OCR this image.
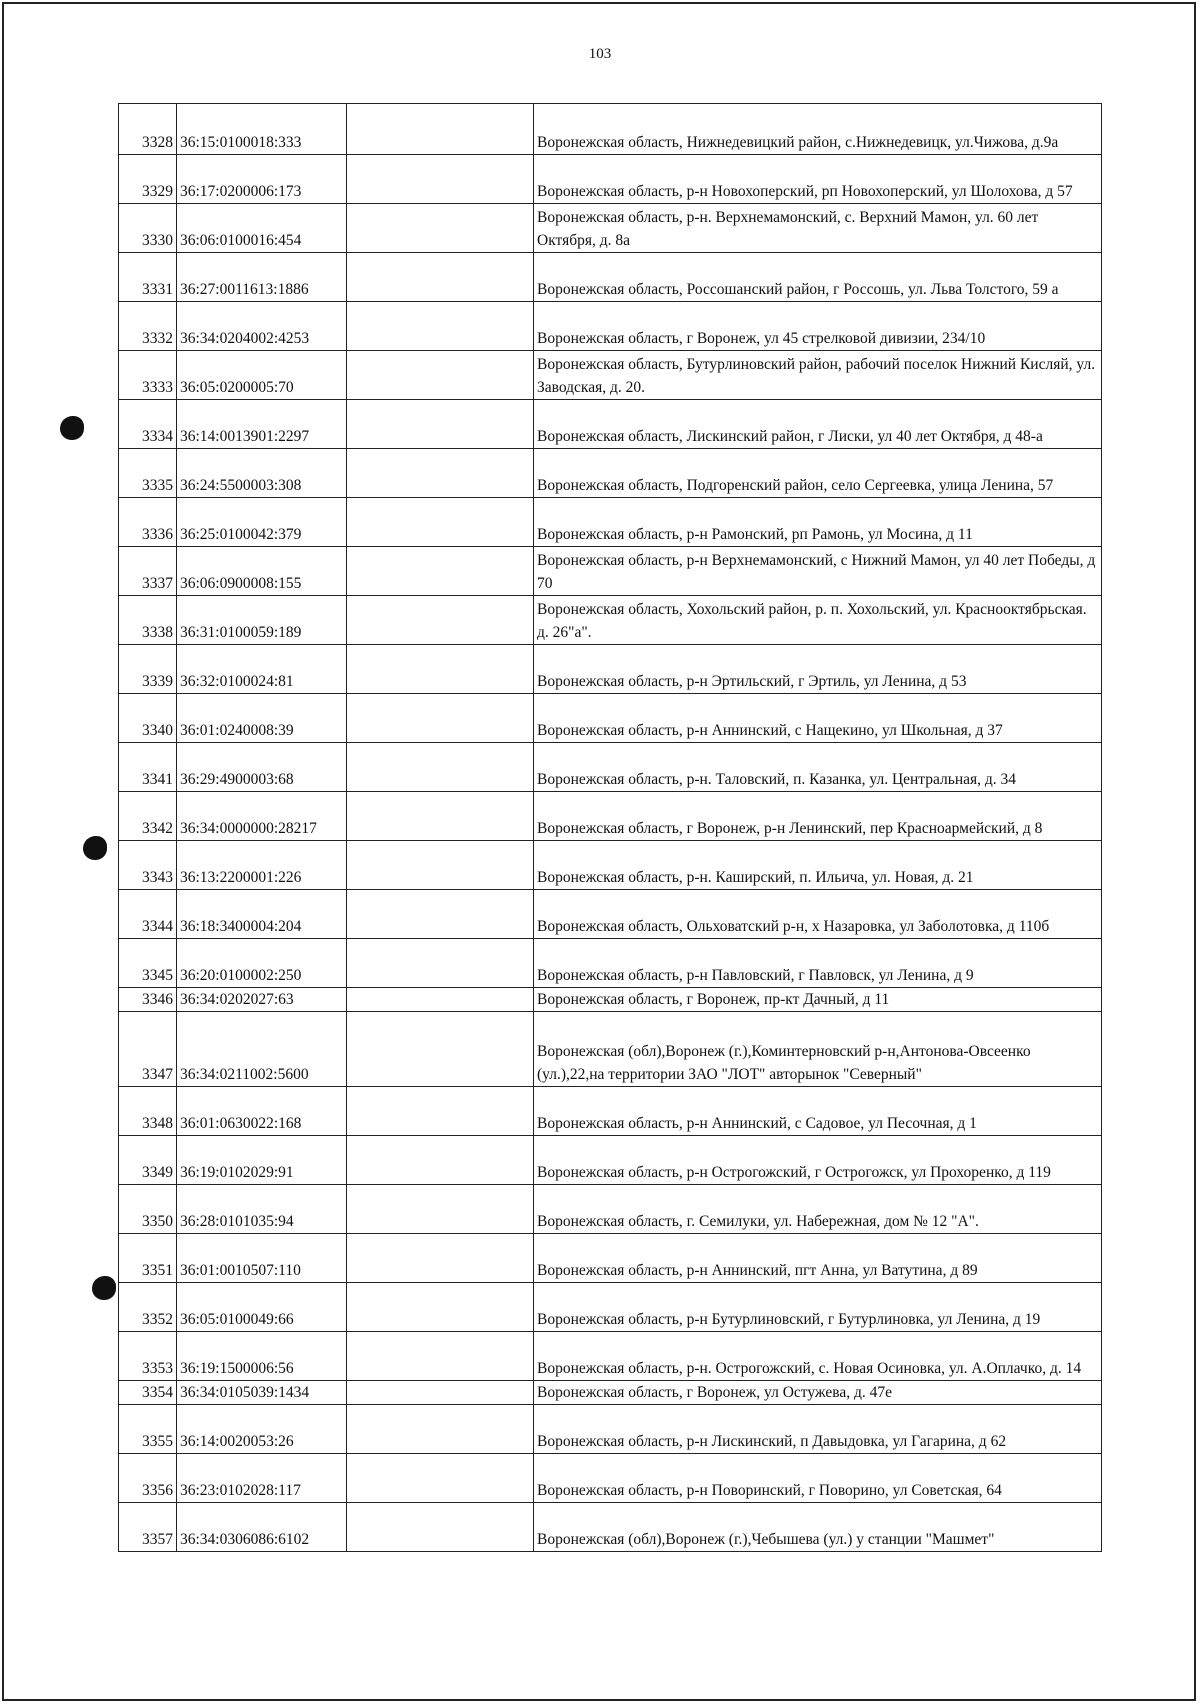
103
3328	36:15:0100018:333		Воронежская область, Нижнедевицкий район, с.Нижнедевицк, ул.Чижова, д.9а
3329	36:17:0200006:173		Воронежская область, р-н Новохоперский, рп Новохоперский, ул Шолохова, д 57
3330	36:06:0100016:454		Воронежская область, р-н. Верхнемамонский, с. Верхний Мамон, ул. 60 лет Октября, д. 8а
3331	36:27:0011613:1886		Воронежская область, Россошанский район, г Россошь, ул. Льва Толстого, 59 а
3332	36:34:0204002:4253		Воронежская область, г Воронеж, ул 45 стрелковой дивизии, 234/10
3333	36:05:0200005:70		Воронежская область, Бутурлиновский район, рабочий поселок Нижний Кисляй, ул. Заводская, д. 20.
3334	36:14:0013901:2297		Воронежская область, Лискинский район, г Лиски, ул 40 лет Октября, д 48-а
3335	36:24:5500003:308		Воронежская область, Подгоренский район, село Сергеевка, улица Ленина, 57
3336	36:25:0100042:379		Воронежская область, р-н Рамонский, рп Рамонь, ул Мосина, д 11
3337	36:06:0900008:155		Воронежская область, р-н Верхнемамонский, с Нижний Мамон, ул 40 лет Победы, д 70
3338	36:31:0100059:189		Воронежская область, Хохольский район, р. п. Хохольский, ул. Краснооктябрьская. д. 26"а".
3339	36:32:0100024:81		Воронежская область, р-н Эртильский, г Эртиль, ул Ленина, д 53
3340	36:01:0240008:39		Воронежская область, р-н Аннинский, с Нащекино, ул Школьная, д 37
3341	36:29:4900003:68		Воронежская область, р-н. Таловский, п. Казанка, ул. Центральная, д. 34
3342	36:34:0000000:28217		Воронежская область, г Воронеж, р-н Ленинский, пер Красноармейский, д 8
3343	36:13:2200001:226		Воронежская область, р-н. Каширский, п. Ильича, ул. Новая, д. 21
3344	36:18:3400004:204		Воронежская область, Ольховатский р-н, х Назаровка, ул Заболотовка, д 110б
3345	36:20:0100002:250		Воронежская область, р-н Павловский, г Павловск, ул Ленина, д 9
3346	36:34:0202027:63		Воронежская область, г Воронеж, пр-кт Дачный, д 11
3347	36:34:0211002:5600		Воронежская (обл),Воронеж (г.),Коминтерновский р-н,Антонова-Овсеенко (ул.),22,на территории ЗАО "ЛОТ" авторынок "Северный"
3348	36:01:0630022:168		Воронежская область, р-н Аннинский, с Садовое, ул Песочная, д 1
3349	36:19:0102029:91		Воронежская область, р-н Острогожский, г Острогожск, ул Прохоренко, д 119
3350	36:28:0101035:94		Воронежская область, г. Семилуки, ул. Набережная, дом № 12 "А".
3351	36:01:0010507:110		Воронежская область, р-н Аннинский, пгт Анна, ул Ватутина, д 89
3352	36:05:0100049:66		Воронежская область, р-н Бутурлиновский, г Бутурлиновка, ул Ленина, д 19
3353	36:19:1500006:56		Воронежская область, р-н. Острогожский, с. Новая Осиновка, ул. А.Оплачко, д. 14
3354	36:34:0105039:1434		Воронежская область, г Воронеж, ул Остужева, д. 47е
3355	36:14:0020053:26		Воронежская область, р-н Лискинский, п Давыдовка, ул Гагарина, д 62
3356	36:23:0102028:117		Воронежская область, р-н Поворинский, г Поворино, ул Советская, 64
3357	36:34:0306086:6102		Воронежская (обл),Воронеж (г.),Чебышева (ул.) у станции "Машмет"
